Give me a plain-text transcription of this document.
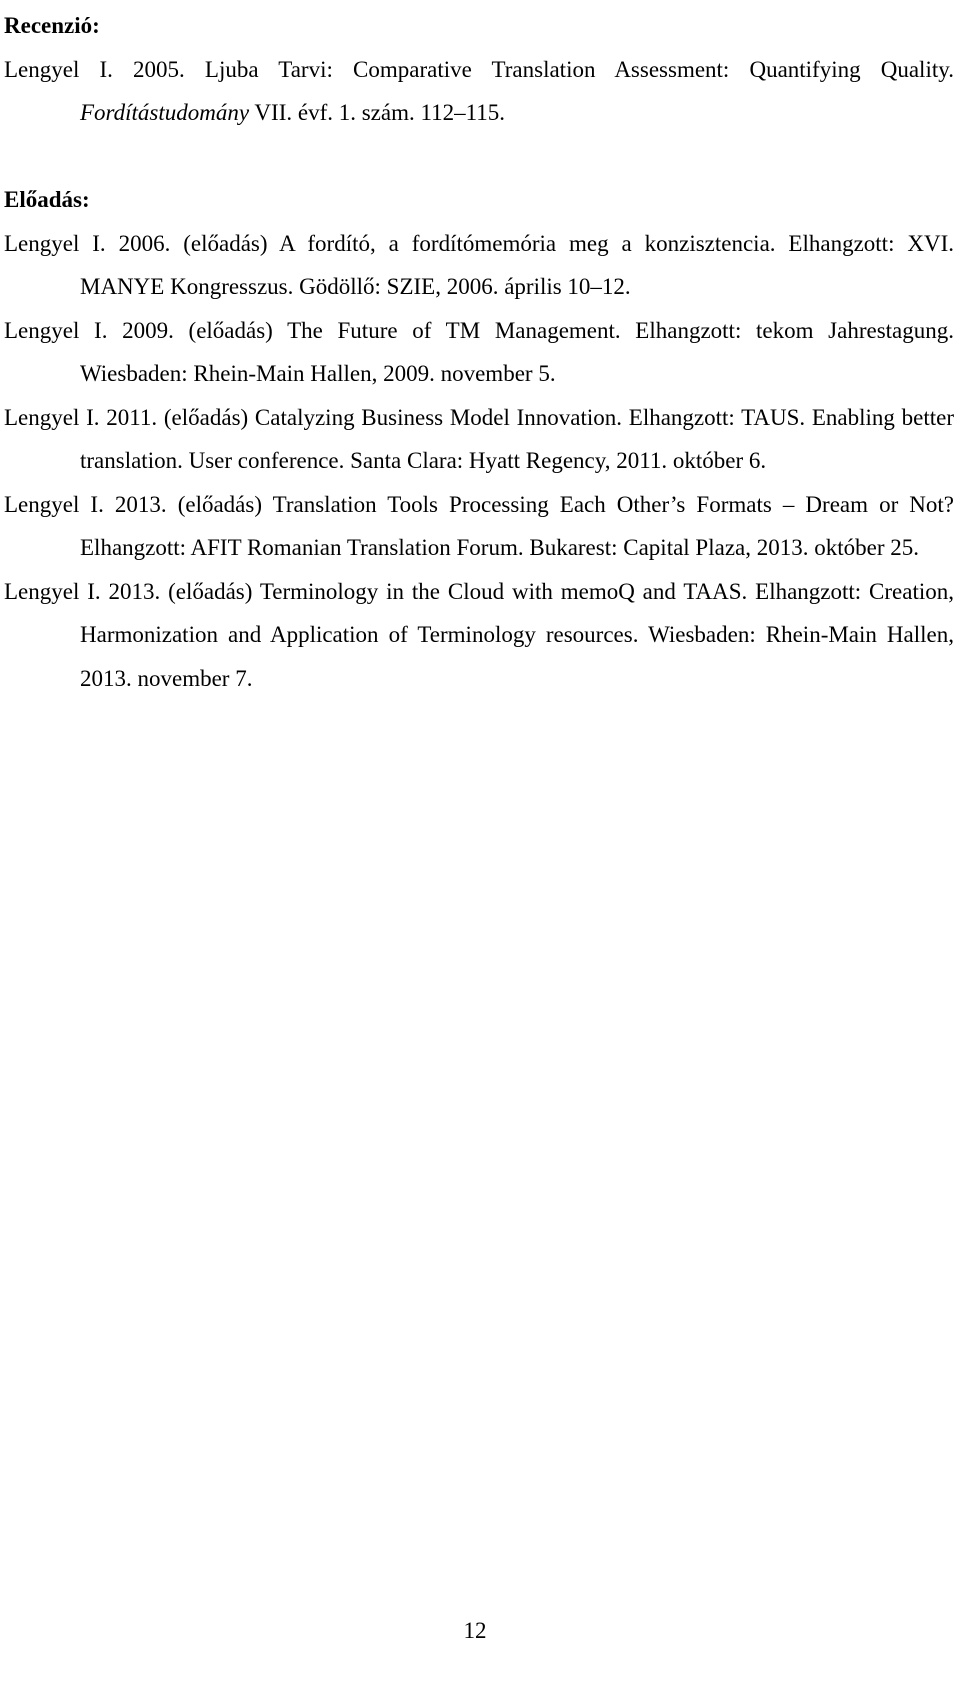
Recenzió:

Lengyel I. 2005. Ljuba Tarvi: Comparative Translation Assessment: Quantifying Quality. Fordítástudomány VII. évf. 1. szám. 112–115.

Előadás:

Lengyel I. 2006. (előadás) A fordító, a fordítómemória meg a konzisztencia. Elhangzott: XVI. MANYE Kongresszus. Gödöllő: SZIE, 2006. április 10–12.

Lengyel I. 2009. (előadás) The Future of TM Management. Elhangzott: tekom Jahrestagung. Wiesbaden: Rhein-Main Hallen, 2009. november 5.

Lengyel I. 2011. (előadás) Catalyzing Business Model Innovation. Elhangzott: TAUS. Enabling better translation. User conference. Santa Clara: Hyatt Regency, 2011. október 6.

Lengyel I. 2013. (előadás) Translation Tools Processing Each Other’s Formats – Dream or Not? Elhangzott: AFIT Romanian Translation Forum. Bukarest: Capital Plaza, 2013. október 25.

Lengyel I. 2013. (előadás) Terminology in the Cloud with memoQ and TAAS. Elhangzott: Creation, Harmonization and Application of Terminology resources. Wiesbaden: Rhein-Main Hallen, 2013. november 7.

12
